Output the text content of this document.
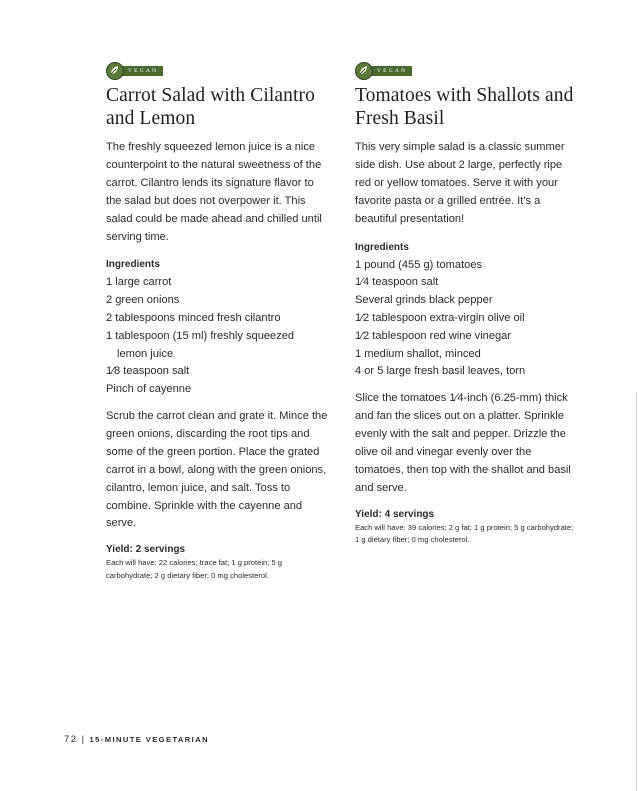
VEGAN
Carrot Salad with Cilantro and Lemon

The freshly squeezed lemon juice is a nice counterpoint to the natural sweetness of the carrot. Cilantro lends its signature flavor to the salad but does not overpower it. This salad could be made ahead and chilled until serving time.

Ingredients
1 large carrot
2 green onions
2 tablespoons minced fresh cilantro
1 tablespoon (15 ml) freshly squeezed
lemon juice
1⁄8 teaspoon salt
Pinch of cayenne

Scrub the carrot clean and grate it. Mince the green onions, discarding the root tips and some of the green portion. Place the grated carrot in a bowl, along with the green onions, cilantro, lemon juice, and salt. Toss to combine. Sprinkle with the cayenne and serve.

Yield: 2 servings

Each will have: 22 calories; trace fat; 1 g protein; 5 g carbohydrate; 2 g dietary fiber; 0 mg cholesterol.

VEGAN
Tomatoes with Shallots and Fresh Basil

This very simple salad is a classic summer side dish. Use about 2 large, perfectly ripe red or yellow tomatoes. Serve it with your favorite pasta or a grilled entrée. It's a beautiful presentation!

Ingredients
1 pound (455 g) tomatoes
1⁄4 teaspoon salt
Several grinds black pepper
1⁄2 tablespoon extra-virgin olive oil
1⁄2 tablespoon red wine vinegar
1 medium shallot, minced
4 or 5 large fresh basil leaves, torn

Slice the tomatoes 1⁄4-inch (6.25-mm) thick and fan the slices out on a platter. Sprinkle evenly with the salt and pepper. Drizzle the olive oil and vinegar evenly over the tomatoes, then top with the shallot and basil and serve.

Yield: 4 servings

Each will have: 39 calories; 2 g fat; 1 g protein; 5 g carbohydrate; 1 g dietary fiber; 0 mg cholesterol.

72 | 15-MINUTE VEGETARIAN
